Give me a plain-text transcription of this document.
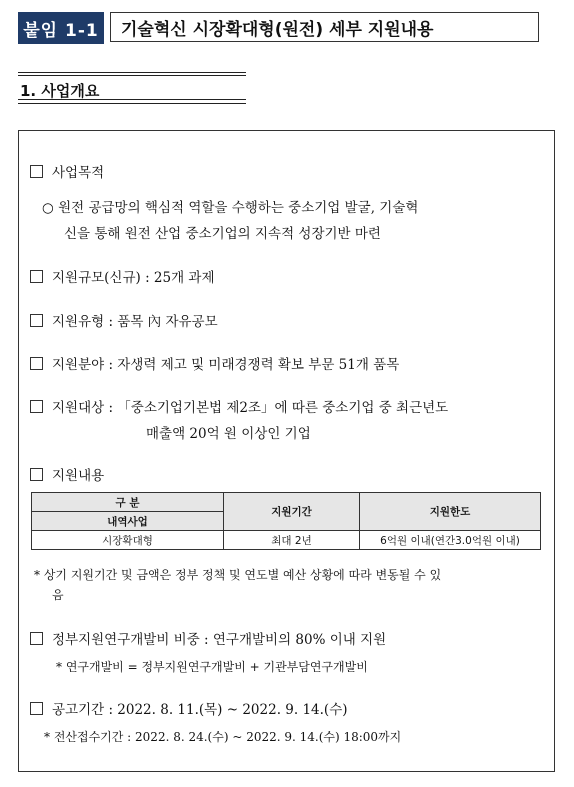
붙임 1-1	기술혁신 시장확대형(원전) 세부 지원내용
1. 사업개요
사업목적
○ 원전 공급망의 핵심적 역할을 수행하는 중소기업 발굴, 기술혁
신을 통해 원전 산업 중소기업의 지속적 성장기반 마련
지원규모(신규) : 25개 과제
지원유형 : 품목 內 자유공모
지원분야 : 자생력 제고 및 미래경쟁력 확보 부문 51개 품목
지원대상 : 「중소기업기본법 제2조」에 따른 중소기업 중 최근년도
매출액 20억 원 이상인 기업
지원내용
구 분	지원기간	지원한도
내역사업		
시장확대형	최대 2년	6억원 이내(연간3.0억원 이내)
* 상기 지원기간 및 금액은 정부 정책 및 연도별 예산 상황에 따라 변동될 수 있
음
정부지원연구개발비 비중 : 연구개발비의 80% 이내 지원
* 연구개발비 = 정부지원연구개발비 + 기관부담연구개발비
공고기간 : 2022. 8. 11.(목) ~ 2022. 9. 14.(수)
* 전산접수기간 : 2022. 8. 24.(수) ~ 2022. 9. 14.(수) 18:00까지
